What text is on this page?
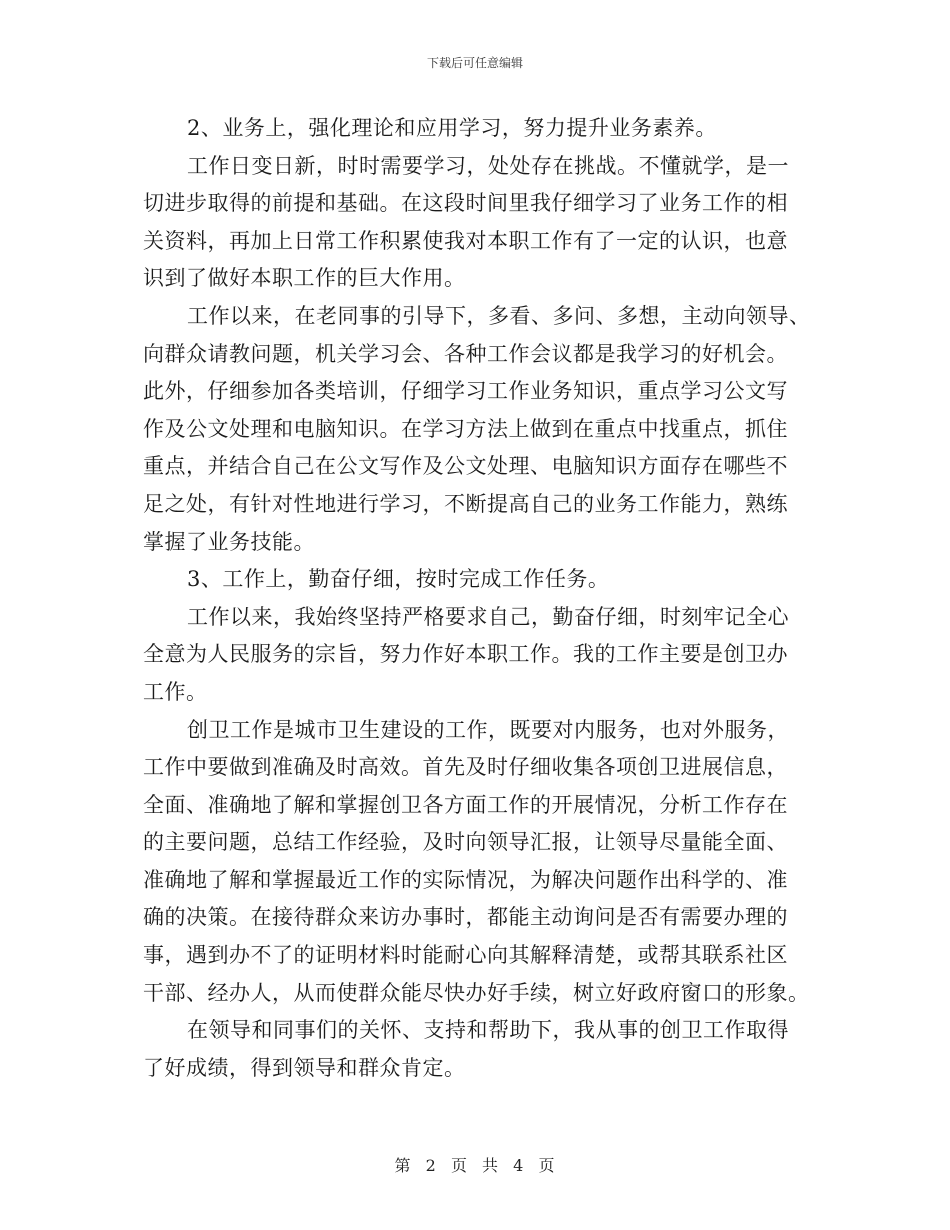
下载后可任意编辑
2、业务上，强化理论和应用学习，努力提升业务素养。
工作日变日新，时时需要学习，处处存在挑战。不懂就学，是一
切进步取得的前提和基础。在这段时间里我仔细学习了业务工作的相
关资料，再加上日常工作积累使我对本职工作有了一定的认识，也意
识到了做好本职工作的巨大作用。
工作以来，在老同事的引导下，多看、多问、多想，主动向领导、
向群众请教问题，机关学习会、各种工作会议都是我学习的好机会。
此外，仔细参加各类培训，仔细学习工作业务知识，重点学习公文写
作及公文处理和电脑知识。在学习方法上做到在重点中找重点，抓住
重点，并结合自己在公文写作及公文处理、电脑知识方面存在哪些不
足之处，有针对性地进行学习，不断提高自己的业务工作能力，熟练
掌握了业务技能。
3、工作上，勤奋仔细，按时完成工作任务。
工作以来，我始终坚持严格要求自己，勤奋仔细，时刻牢记全心
全意为人民服务的宗旨，努力作好本职工作。我的工作主要是创卫办
工作。
创卫工作是城市卫生建设的工作，既要对内服务，也对外服务，
工作中要做到准确及时高效。首先及时仔细收集各项创卫进展信息，
全面、准确地了解和掌握创卫各方面工作的开展情况，分析工作存在
的主要问题，总结工作经验，及时向领导汇报，让领导尽量能全面、
准确地了解和掌握最近工作的实际情况，为解决问题作出科学的、准
确的决策。在接待群众来访办事时，都能主动询问是否有需要办理的
事，遇到办不了的证明材料时能耐心向其解释清楚，或帮其联系社区
干部、经办人，从而使群众能尽快办好手续，树立好政府窗口的形象。
在领导和同事们的关怀、支持和帮助下，我从事的创卫工作取得
了好成绩，得到领导和群众肯定。
第 2 页 共 4 页
